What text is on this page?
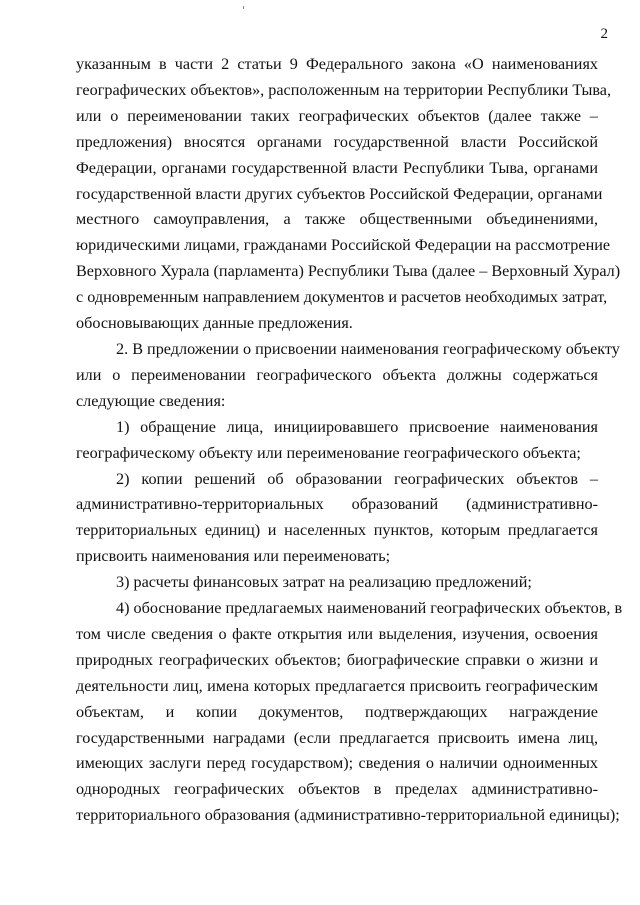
2
указанным в части 2 статьи 9 Федерального закона «О наименованиях
географических объектов», расположенным на территории Республики Тыва,
или о переименовании таких географических объектов (далее также –
предложения) вносятся органами государственной власти Российской
Федерации, органами государственной власти Республики Тыва, органами
государственной власти других субъектов Российской Федерации, органами
местного самоуправления, а также общественными объединениями,
юридическими лицами, гражданами Российской Федерации на рассмотрение
Верховного Хурала (парламента) Республики Тыва (далее – Верховный Хурал)
с одновременным направлением документов и расчетов необходимых затрат,
обосновывающих данные предложения.
2. В предложении о присвоении наименования географическому объекту
или о переименовании географического объекта должны содержаться
следующие сведения:
1) обращение лица, инициировавшего присвоение наименования
географическому объекту или переименование географического объекта;
2) копии решений об образовании географических объектов –
административно-территориальных образований (административно-
территориальных единиц) и населенных пунктов, которым предлагается
присвоить наименования или переименовать;
3) расчеты финансовых затрат на реализацию предложений;
4) обоснование предлагаемых наименований географических объектов, в
том числе сведения о факте открытия или выделения, изучения, освоения
природных географических объектов; биографические справки о жизни и
деятельности лиц, имена которых предлагается присвоить географическим
объектам, и копии документов, подтверждающих награждение
государственными наградами (если предлагается присвоить имена лиц,
имеющих заслуги перед государством); сведения о наличии одноименных
однородных географических объектов в пределах административно-
территориального образования (административно-территориальной единицы);
